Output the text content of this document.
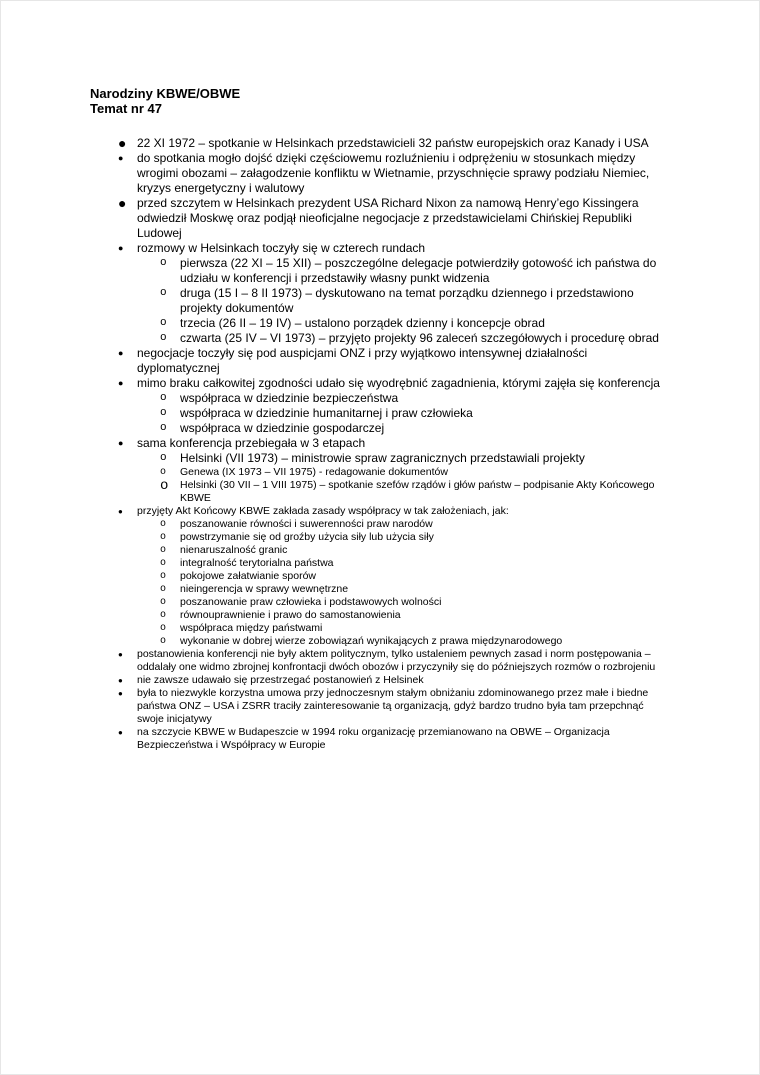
Narodziny KBWE/OBWE
Temat nr 47
● 22 XI 1972 – spotkanie w Helsinkach przedstawicieli 32 państw europejskich oraz Kanady i USA
●	do spotkania mogło dojść dzięki częściowemu rozluźnieniu i odprężeniu w stosunkach między wrogimi obozami – załagodzenie konfliktu w Wietnamie, przyschnięcie sprawy podziału Niemiec, kryzys energetyczny i walutowy
● przed szczytem w Helsinkach prezydent USA Richard Nixon za namową Henry’ego Kissingera odwiedził Moskwę oraz podjął nieoficjalne negocjacje z przedstawicielami Chińskiej Republiki Ludowej
●	rozmowy w Helsinkach toczyły się w czterech rundach
o	pierwsza (22 XI – 15 XII) – poszczególne delegacje potwierdziły gotowość ich państwa do udziału w konferencji i przedstawiły własny punkt widzenia
o	druga (15 I – 8 II 1973) – dyskutowano na temat porządku dziennego i przedstawiono projekty dokumentów
o	trzecia (26 II – 19 IV) – ustalono porządek dzienny i koncepcje obrad
o	czwarta (25 IV – VI 1973) – przyjęto projekty 96 zaleceń szczegółowych i procedurę obrad
●	negocjacje toczyły się pod auspicjami ONZ i przy wyjątkowo intensywnej działalności dyplomatycznej
●	mimo braku całkowitej zgodności udało się wyodrębnić zagadnienia, którymi zajęła się konferencja
o	współpraca w dziedzinie bezpieczeństwa
o	współpraca w dziedzinie humanitarnej i praw człowieka
o	współpraca w dziedzinie gospodarczej
●	sama konferencja przebiegała w 3 etapach
o	Helsinki (VII 1973) – ministrowie spraw zagranicznych przedstawiali projekty
o	Genewa (IX 1973 – VII 1975) - redagowanie dokumentów
o	Helsinki (30 VII – 1 VIII 1975) – spotkanie szefów rządów i głów państw – podpisanie Akty Końcowego KBWE
●	przyjęty Akt Końcowy KBWE zakłada zasady współpracy w tak założeniach, jak:
o	poszanowanie równości i suwerenności praw narodów
o	powstrzymanie się od groźby użycia siły lub użycia siły
o	nienaruszalność granic
o	integralność terytorialna państwa
o	pokojowe załatwianie sporów
o	nieingerencja w sprawy wewnętrzne
o	poszanowanie praw człowieka i podstawowych wolności
o	równouprawnienie i prawo do samostanowienia
o	współpraca między państwami
o	wykonanie w dobrej wierze zobowiązań wynikających z prawa międzynarodowego
●	postanowienia konferencji nie były aktem politycznym, tylko ustaleniem pewnych zasad i norm postępowania – oddalały one widmo zbrojnej konfrontacji dwóch obozów i przyczyniły się do późniejszych rozmów o rozbrojeniu
●	nie zawsze udawało się przestrzegać postanowień z Helsinek
●	była to niezwykle korzystna umowa przy jednoczesnym stałym obniżaniu zdominowanego przez małe i biedne państwa ONZ – USA i ZSRR traciły zainteresowanie tą organizacją, gdyż bardzo trudno była tam przepchnąć swoje inicjatywy
●	na szczycie KBWE w Budapeszcie w 1994 roku organizację przemianowano na OBWE – Organizacja Bezpieczeństwa i Współpracy w Europie
